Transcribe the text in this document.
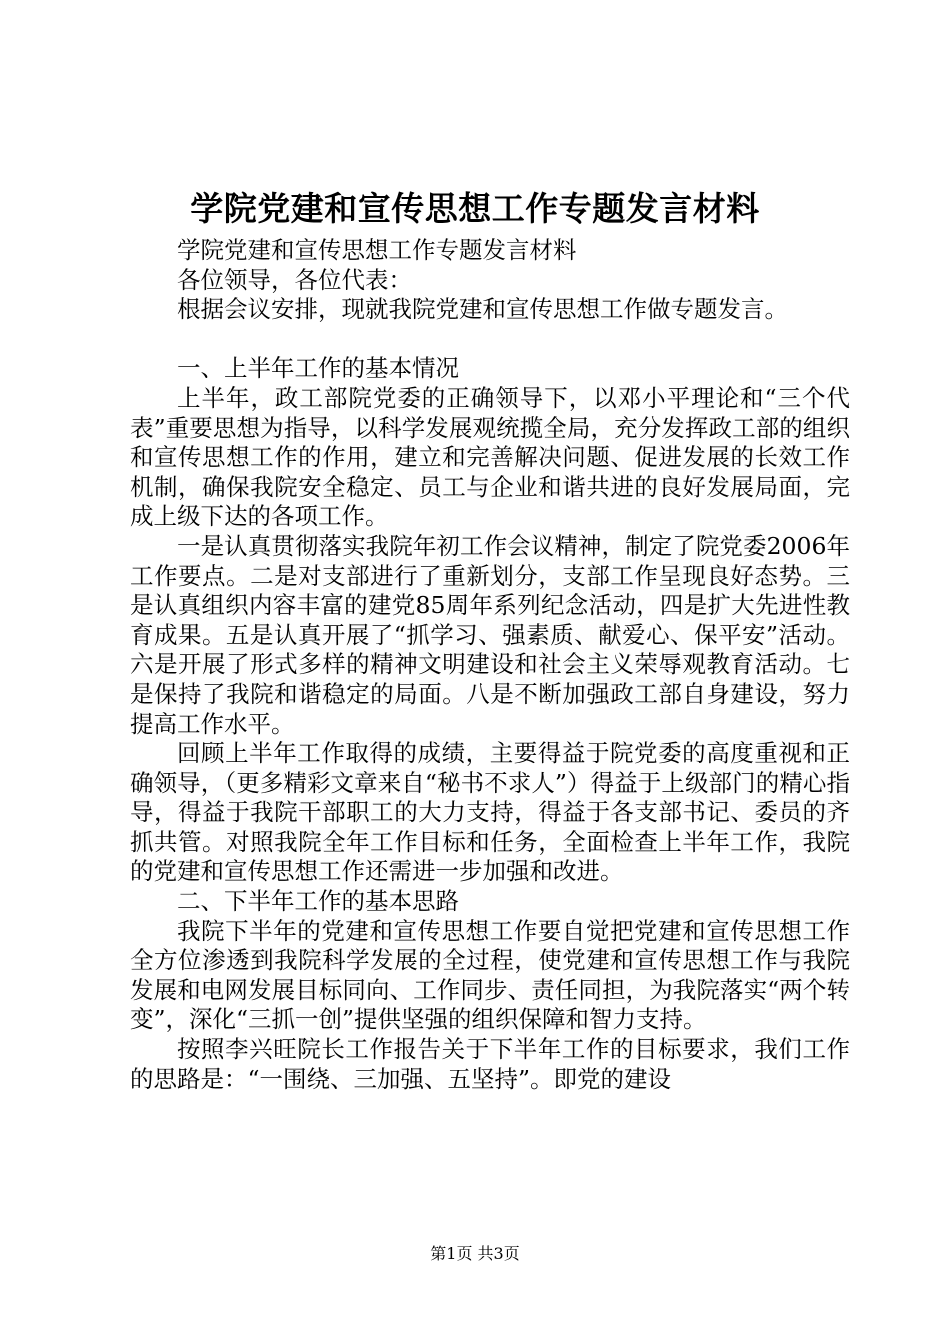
学院党建和宣传思想工作专题发言材料

学院党建和宣传思想工作专题发言材料

各位领导，各位代表：

根据会议安排，现就我院党建和宣传思想工作做专题发言。

一、上半年工作的基本情况

上半年，政工部院党委的正确领导下，以邓小平理论和“三个代表”重要思想为指导，以科学发展观统揽全局，充分发挥政工部的组织和宣传思想工作的作用，建立和完善解决问题、促进发展的长效工作机制，确保我院安全稳定、员工与企业和谐共进的良好发展局面，完成上级下达的各项工作。

一是认真贯彻落实我院年初工作会议精神，制定了院党委2006年工作要点。二是对支部进行了重新划分，支部工作呈现良好态势。三是认真组织内容丰富的建党85周年系列纪念活动，四是扩大先进性教育成果。五是认真开展了“抓学习、强素质、献爱心、保平安”活动。六是开展了形式多样的精神文明建设和社会主义荣辱观教育活动。七是保持了我院和谐稳定的局面。八是不断加强政工部自身建设，努力提高工作水平。

回顾上半年工作取得的成绩，主要得益于院党委的高度重视和正确领导，（更多精彩文章来自“秘书不求人”）得益于上级部门的精心指导，得益于我院干部职工的大力支持，得益于各支部书记、委员的齐抓共管。对照我院全年工作目标和任务，全面检查上半年工作，我院的党建和宣传思想工作还需进一步加强和改进。

二、下半年工作的基本思路

我院下半年的党建和宣传思想工作要自觉把党建和宣传思想工作全方位渗透到我院科学发展的全过程，使党建和宣传思想工作与我院发展和电网发展目标同向、工作同步、责任同担，为我院落实“两个转变”，深化“三抓一创”提供坚强的组织保障和智力支持。

按照李兴旺院长工作报告关于下半年工作的目标要求，我们工作的思路是：“一围绕、三加强、五坚持”。即党的建设

第1页 共3页
